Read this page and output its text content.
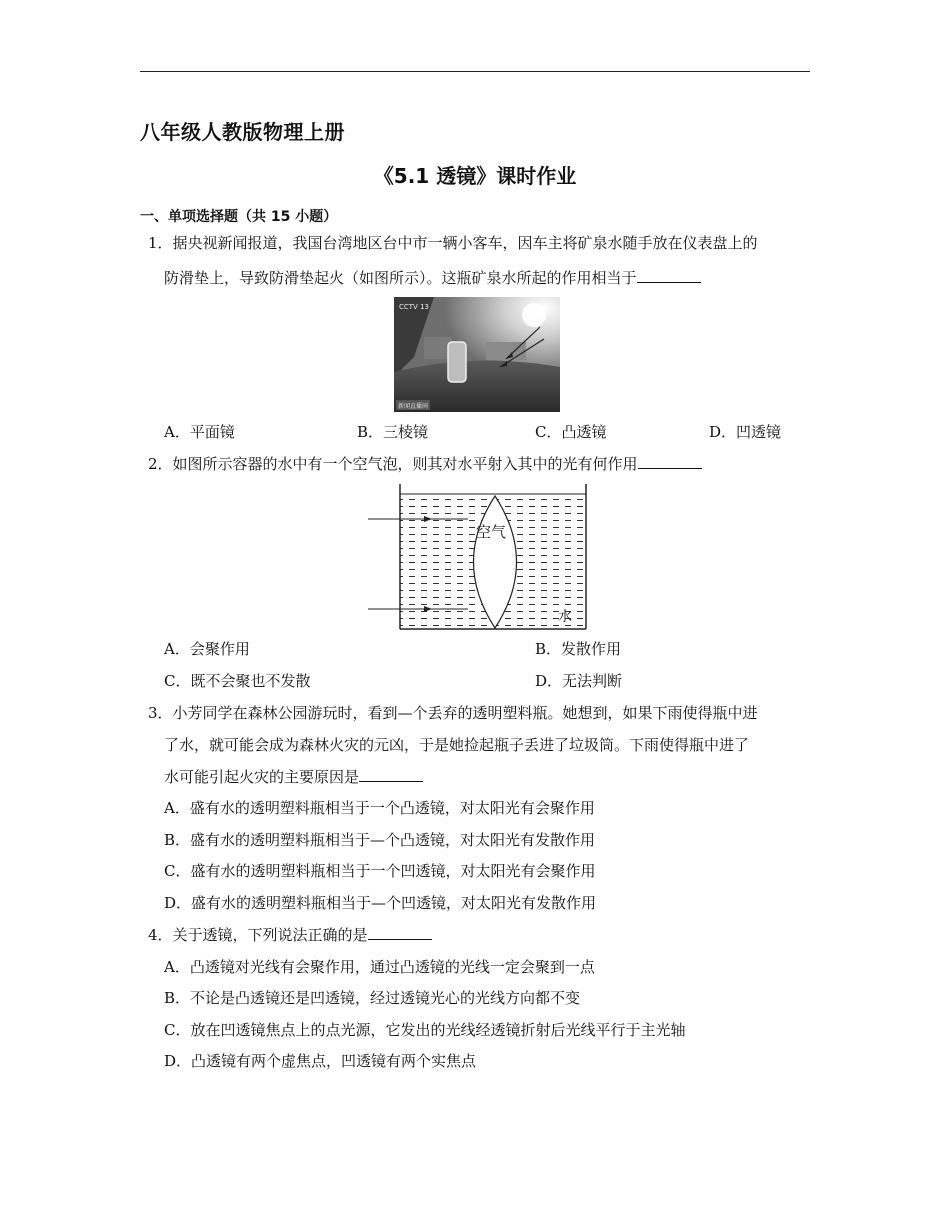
八年级人教版物理上册
《5.1 透镜》课时作业
一、单项选择题（共 15 小题）
1．据央视新闻报道，我国台湾地区台中市一辆小客车，因车主将矿泉水随手放在仪表盘上的
防滑垫上，导致防滑垫起火（如图所示）。这瓶矿泉水所起的作用相当于
CCTV 13
新闻直播间
A．平面镜	B．三棱镜	C．凸透镜	D．凹透镜
2．如图所示容器的水中有一个空气泡，则其对水平射入其中的光有何作用
空气
水
A．会聚作用	B．发散作用
C．既不会聚也不发散	D．无法判断
3．小芳同学在森林公园游玩时，看到—个丢弃的透明塑料瓶。她想到，如果下雨使得瓶中进
了水，就可能会成为森林火灾的元凶，于是她捡起瓶子丢进了垃圾筒。下雨使得瓶中进了
水可能引起火灾的主要原因是
A．盛有水的透明塑料瓶相当于一个凸透镜，对太阳光有会聚作用
B．盛有水的透明塑料瓶相当于—个凸透镜，对太阳光有发散作用
C．盛有水的透明塑料瓶相当于一个凹透镜，对太阳光有会聚作用
D．盛有水的透明塑料瓶相当于—个凹透镜，对太阳光有发散作用
4．关于透镜，下列说法正确的是
A．凸透镜对光线有会聚作用，通过凸透镜的光线一定会聚到一点
B．不论是凸透镜还是凹透镜，经过透镜光心的光线方向都不变
C．放在凹透镜焦点上的点光源，它发出的光线经透镜折射后光线平行于主光轴
D．凸透镜有两个虚焦点，凹透镜有两个实焦点
